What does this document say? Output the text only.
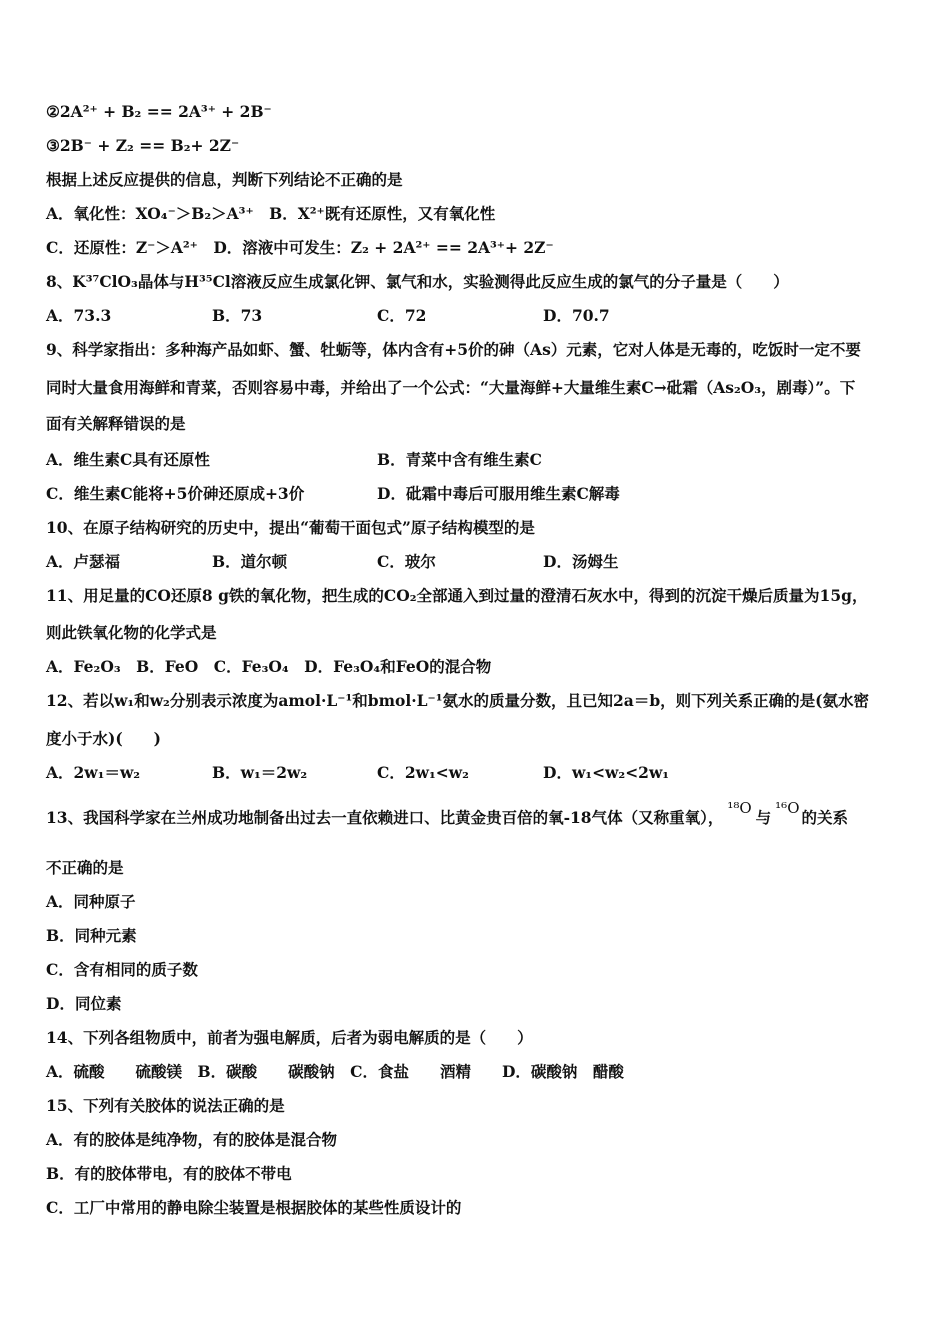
②2A²⁺ + B₂ == 2A³⁺ + 2B⁻
③2B⁻ + Z₂ == B₂+ 2Z⁻
根据上述反应提供的信息，判断下列结论不正确的是
A．氧化性：XO₄⁻＞B₂＞A³⁺　B．X²⁺既有还原性，又有氧化性
C．还原性：Z⁻＞A²⁺　D．溶液中可发生：Z₂ + 2A²⁺ == 2A³⁺+ 2Z⁻
8、K³⁷ClO₃晶体与H³⁵Cl溶液反应生成氯化钾、氯气和水，实验测得此反应生成的氯气的分子量是（　　）
A．73.3	B．73	C．72	D．70.7
9、科学家指出：多种海产品如虾、蟹、牡蛎等，体内含有+5价的砷（As）元素，它对人体是无毒的，吃饭时一定不要
同时大量食用海鲜和青菜，否则容易中毒，并给出了一个公式：“大量海鲜+大量维生素C→砒霜（As₂O₃，剧毒）”。下
面有关解释错误的是
A．维生素C具有还原性	B．青菜中含有维生素C
C．维生素C能将+5价砷还原成+3价	D．砒霜中毒后可服用维生素C解毒
10、在原子结构研究的历史中，提出“葡萄干面包式”原子结构模型的是
A．卢瑟福	B．道尔顿	C．玻尔	D．汤姆生
11、用足量的CO还原8 g铁的氧化物，把生成的CO₂全部通入到过量的澄清石灰水中，得到的沉淀干燥后质量为15g，
则此铁氧化物的化学式是
A．Fe₂O₃　B．FeO　C．Fe₃O₄　D．Fe₃O₄和FeO的混合物
12、若以w₁和w₂分别表示浓度为amol·L⁻¹和bmol·L⁻¹氨水的质量分数，且已知2a＝b，则下列关系正确的是(氨水密
度小于水)(　　)
A．2w₁＝w₂	B．w₁＝2w₂	C．2w₁<w₂	D．w₁<w₂<2w₁
13、我国科学家在兰州成功地制备出过去一直依赖进口、比黄金贵百倍的氧-18气体（又称重氧）， ¹⁸O 与 ¹⁶O 的关系
不正确的是
A．同种原子
B．同种元素
C．含有相同的质子数
D．同位素
14、下列各组物质中，前者为强电解质，后者为弱电解质的是（　　）
A．硫酸　　硫酸镁　B．碳酸　　碳酸钠　C．食盐　　酒精　　D．碳酸钠　醋酸
15、下列有关胶体的说法正确的是
A．有的胶体是纯净物，有的胶体是混合物
B．有的胶体带电，有的胶体不带电
C．工厂中常用的静电除尘装置是根据胶体的某些性质设计的
